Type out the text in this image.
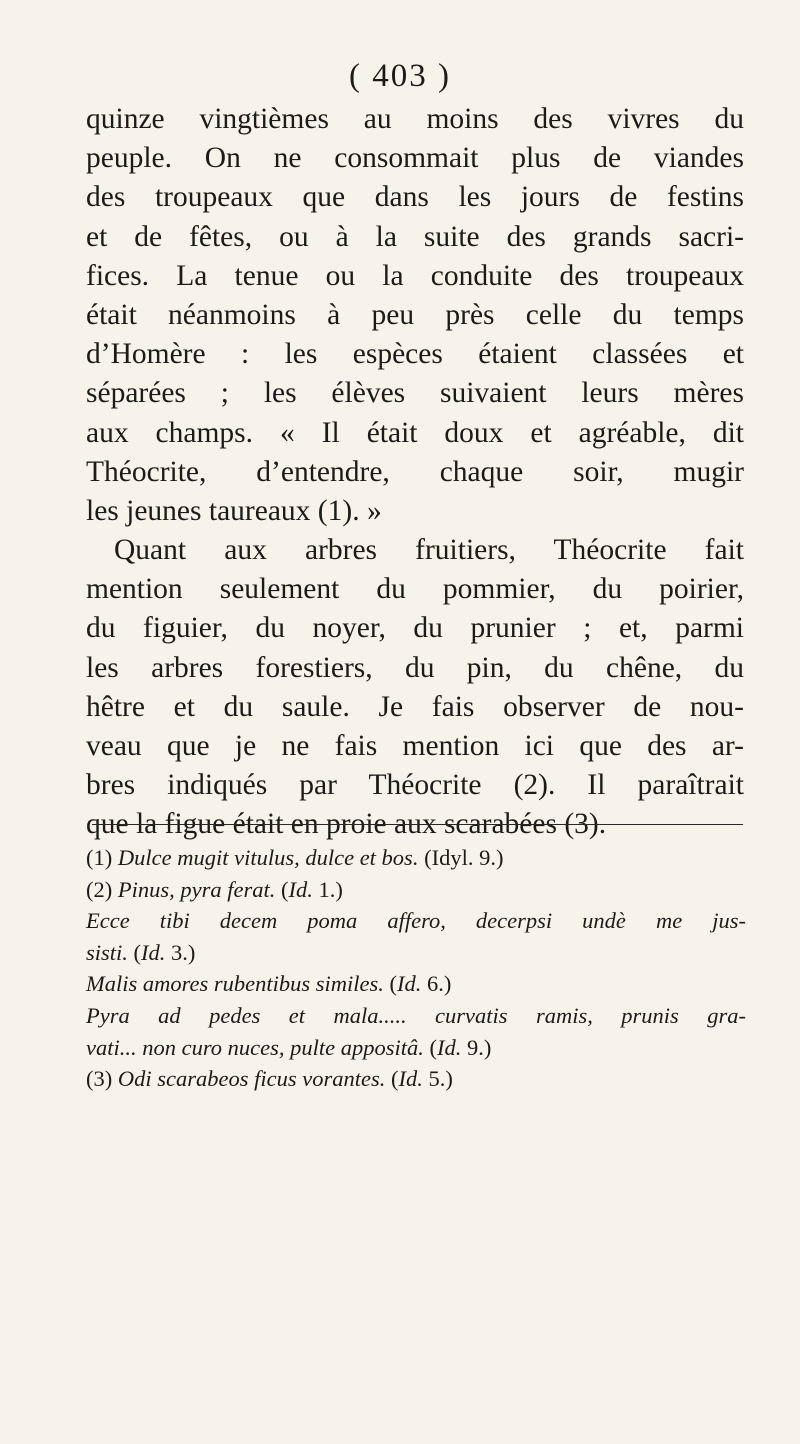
( 403 )
quinze vingtièmes au moins des vivres du
peuple. On ne consommait plus de viandes
des troupeaux que dans les jours de festins
et de fêtes, ou à la suite des grands sacri-
fices. La tenue ou la conduite des troupeaux
était néanmoins à peu près celle du temps
d’Homère : les espèces étaient classées et
séparées ; les élèves suivaient leurs mères
aux champs. « Il était doux et agréable, dit
Théocrite, d’entendre, chaque soir, mugir
les jeunes taureaux (1). »
Quant aux arbres fruitiers, Théocrite fait
mention seulement du pommier, du poirier,
du figuier, du noyer, du prunier ; et, parmi
les arbres forestiers, du pin, du chêne, du
hêtre et du saule. Je fais observer de nou-
veau que je ne fais mention ici que des ar-
bres indiqués par Théocrite (2). Il paraîtrait
que la figue était en proie aux scarabées (3).
(1) Dulce mugit vitulus, dulce et bos. (Idyl. 9.)
(2) Pinus, pyra ferat. (Id. 1.)
Ecce tibi decem poma affero, decerpsi undè me jus-
sisti. (Id. 3.)
Malis amores rubentibus similes. (Id. 6.)
Pyra ad pedes et mala..... curvatis ramis, prunis gra-
vati... non curo nuces, pulte appositâ. (Id. 9.)
(3) Odi scarabeos ficus vorantes. (Id. 5.)
